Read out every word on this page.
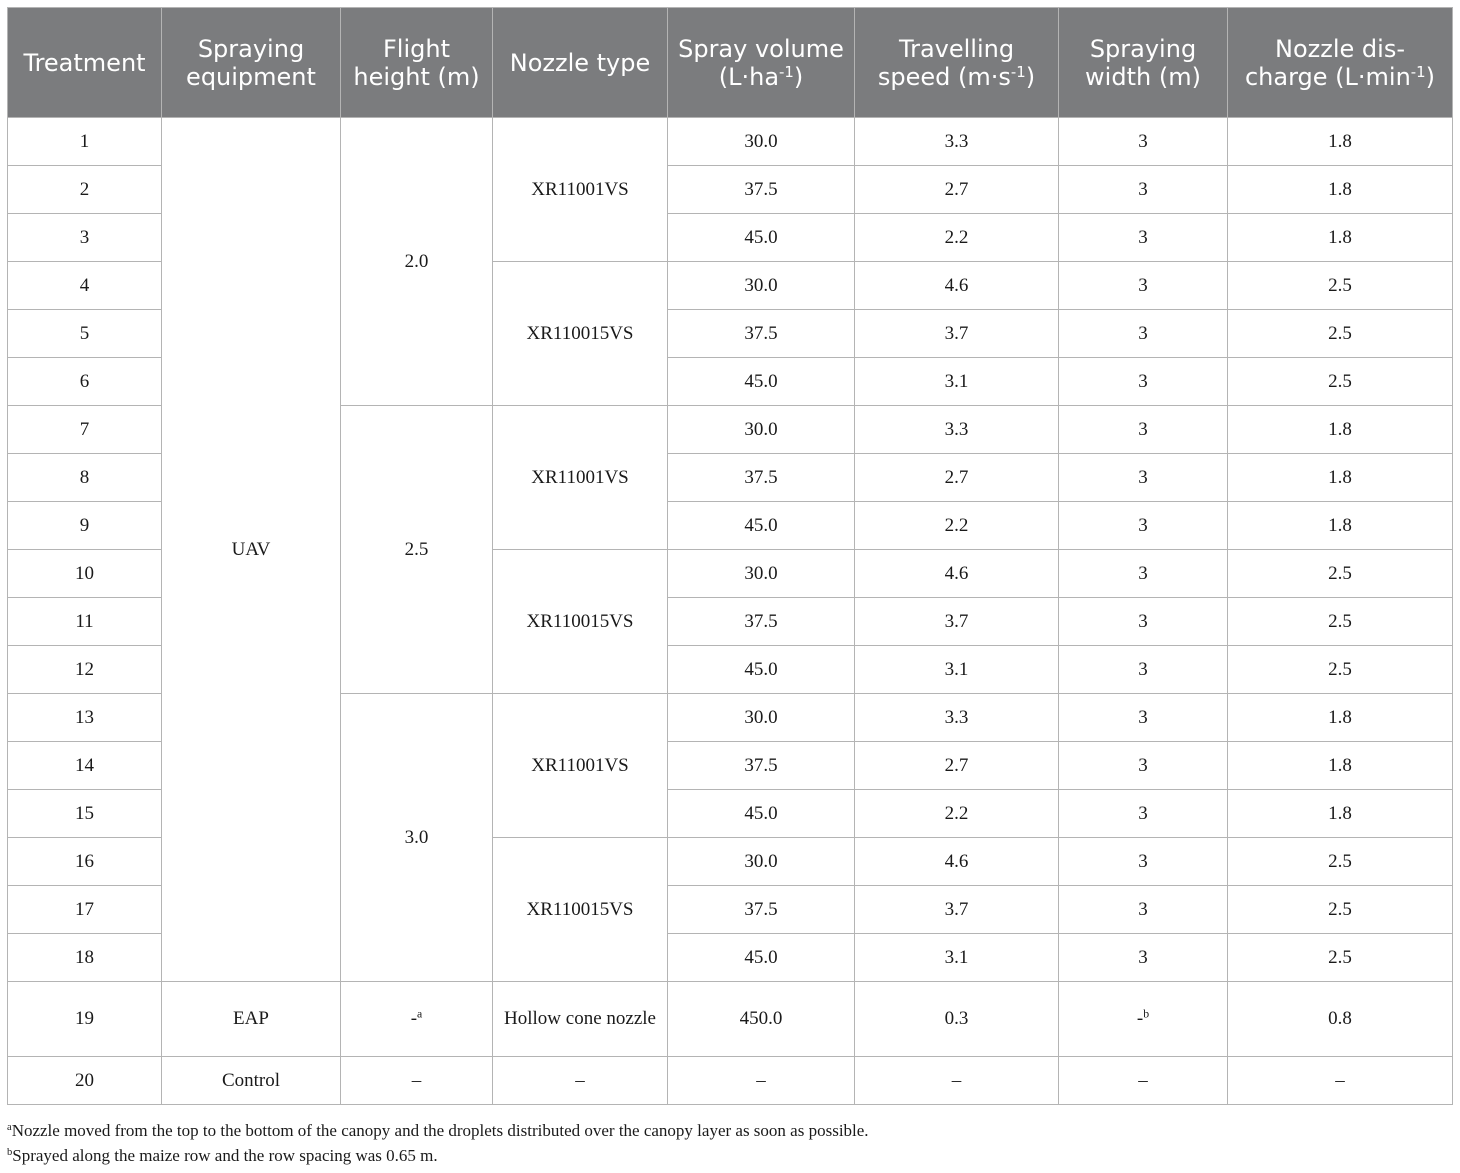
Treatment	Spraying equipment	Flight height (m)	Nozzle type	Spray volume $(L\cdot ha^{-1})$	Travelling speed $(m\cdot s^{-1})$	Spraying width (m)	Nozzle dis-charge $(L\cdot\min^{-1})$
1	UAV	2.0	XR11001VS	30.0	3.3	3	1.8
2				37.5	2.7	3	1.8
3				45.0	2.2	3	1.8
4			XR110015VS	30.0	4.6	3	2.5
5				37.5	3.7	3	2.5
6				45.0	3.1	3	2.5
7		2.5	XR11001VS	30.0	3.3	3	1.8
8				37.5	2.7	3	1.8
9				45.0	2.2	3	1.8
10			XR110015VS	30.0	4.6	3	2.5
11				37.5	3.7	3	2.5
12				45.0	3.1	3	2.5
13		3.0	XR11001VS	30.0	3.3	3	1.8
14				37.5	2.7	3	1.8
15				45.0	2.2	3	1.8
16			XR110015VS	30.0	4.6	3	2.5
17				37.5	3.7	3	2.5
18				45.0	3.1	3	2.5
19	EAP	-$^a$	Hollow cone nozzle	450.0	0.3	-$^b$	0.8
20	Control	–	–	–	–	–	–

$^a$Nozzle moved from the top to the bottom of the canopy and the droplets distributed over the canopy layer as soon as possible.

$^b$Sprayed along the maize row and the row spacing was 0.65 m.
